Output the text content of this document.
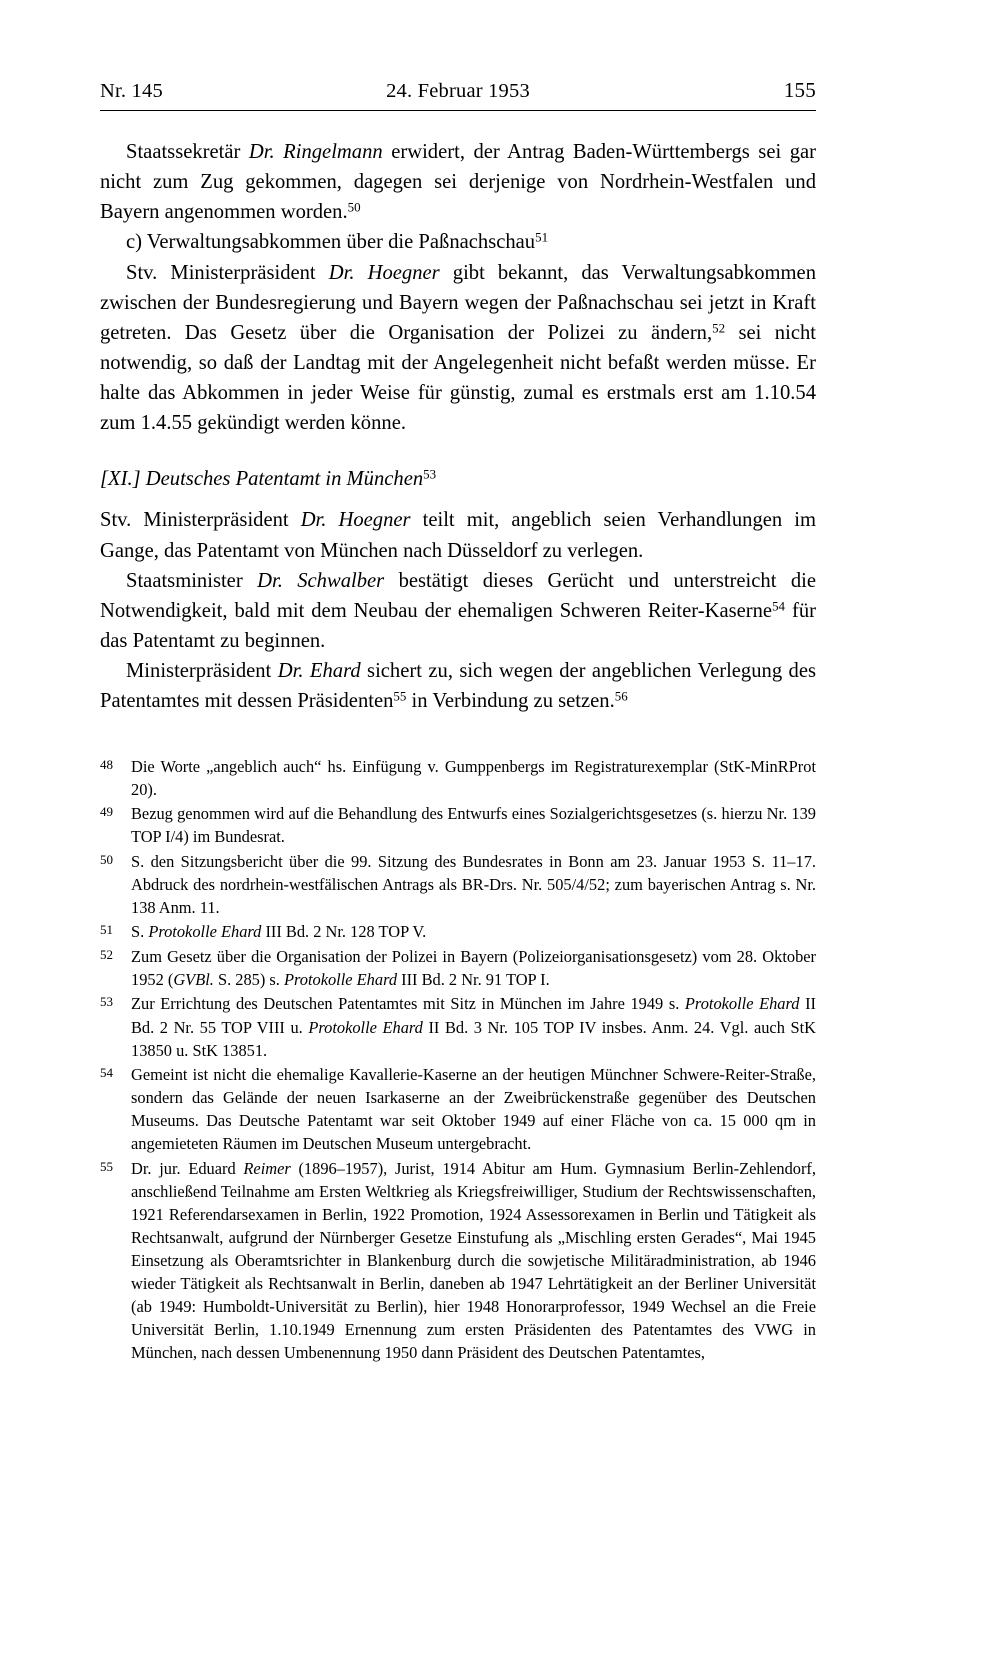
Nr. 145	24. Februar 1953	155

Staatssekretär Dr. Ringelmann erwidert, der Antrag Baden-Württembergs sei gar nicht zum Zug gekommen, dagegen sei derjenige von Nordrhein-Westfalen und Bayern angenommen worden.$^{50}$

c) Verwaltungsabkommen über die Paßnachschau$^{51}$

Stv. Ministerpräsident Dr. Hoegner gibt bekannt, das Verwaltungsabkommen zwischen der Bundesregierung und Bayern wegen der Paßnachschau sei jetzt in Kraft getreten. Das Gesetz über die Organisation der Polizei zu ändern,$^{52}$ sei nicht notwendig, so daß der Landtag mit der Angelegenheit nicht befaßt werden müsse. Er halte das Abkommen in jeder Weise für günstig, zumal es erstmals erst am 1.10.54 zum 1.4.55 gekündigt werden könne.

[XI.] Deutsches Patentamt in München$^{53}$

Stv. Ministerpräsident Dr. Hoegner teilt mit, angeblich seien Verhandlungen im Gange, das Patentamt von München nach Düsseldorf zu verlegen.

Staatsminister Dr. Schwalber bestätigt dieses Gerücht und unterstreicht die Notwendigkeit, bald mit dem Neubau der ehemaligen Schweren Reiter-Kaserne$^{54}$ für das Patentamt zu beginnen.

Ministerpräsident Dr. Ehard sichert zu, sich wegen der angeblichen Verlegung des Patentamtes mit dessen Präsidenten$^{55}$ in Verbindung zu setzen.$^{56}$

48	Die Worte „angeblich auch“ hs. Einfügung v. Gumppenbergs im Registraturexemplar (StK-MinRProt 20).
49	Bezug genommen wird auf die Behandlung des Entwurfs eines Sozialgerichtsgesetzes (s. hierzu Nr. 139 TOP I/4) im Bundesrat.
50	S. den Sitzungsbericht über die 99. Sitzung des Bundesrates in Bonn am 23. Januar 1953 S. 11–17. Abdruck des nordrhein-westfälischen Antrags als BR-Drs. Nr. 505/4/52; zum bayerischen Antrag s. Nr. 138 Anm. 11.
51	S. Protokolle Ehard III Bd. 2 Nr. 128 TOP V.
52	Zum Gesetz über die Organisation der Polizei in Bayern (Polizeiorganisationsgesetz) vom 28. Oktober 1952 (GVBl. S. 285) s. Protokolle Ehard III Bd. 2 Nr. 91 TOP I.
53	Zur Errichtung des Deutschen Patentamtes mit Sitz in München im Jahre 1949 s. Protokolle Ehard II Bd. 2 Nr. 55 TOP VIII u. Protokolle Ehard II Bd. 3 Nr. 105 TOP IV insbes. Anm. 24. Vgl. auch StK 13850 u. StK 13851.
54	Gemeint ist nicht die ehemalige Kavallerie-Kaserne an der heutigen Münchner Schwere-Reiter-Straße, sondern das Gelände der neuen Isarkaserne an der Zweibrückenstraße gegenüber des Deutschen Museums. Das Deutsche Patentamt war seit Oktober 1949 auf einer Fläche von ca. 15 000 qm in angemieteten Räumen im Deutschen Museum untergebracht.
55	Dr. jur. Eduard Reimer (1896–1957), Jurist, 1914 Abitur am Hum. Gymnasium Berlin-Zehlendorf, anschließend Teilnahme am Ersten Weltkrieg als Kriegsfreiwilliger, Studium der Rechtswissenschaften, 1921 Referendarsexamen in Berlin, 1922 Promotion, 1924 Assessorexamen in Berlin und Tätigkeit als Rechtsanwalt, aufgrund der Nürnberger Gesetze Einstufung als „Mischling ersten Gerades“, Mai 1945 Einsetzung als Oberamtsrichter in Blankenburg durch die sowjetische Militäradministration, ab 1946 wieder Tätigkeit als Rechtsanwalt in Berlin, daneben ab 1947 Lehrtätigkeit an der Berliner Universität (ab 1949: Humboldt-Universität zu Berlin), hier 1948 Honorarprofessor, 1949 Wechsel an die Freie Universität Berlin, 1.10.1949 Ernennung zum ersten Präsidenten des Patentamtes des VWG in München, nach dessen Umbenennung 1950 dann Präsident des Deutschen Patentamtes,
